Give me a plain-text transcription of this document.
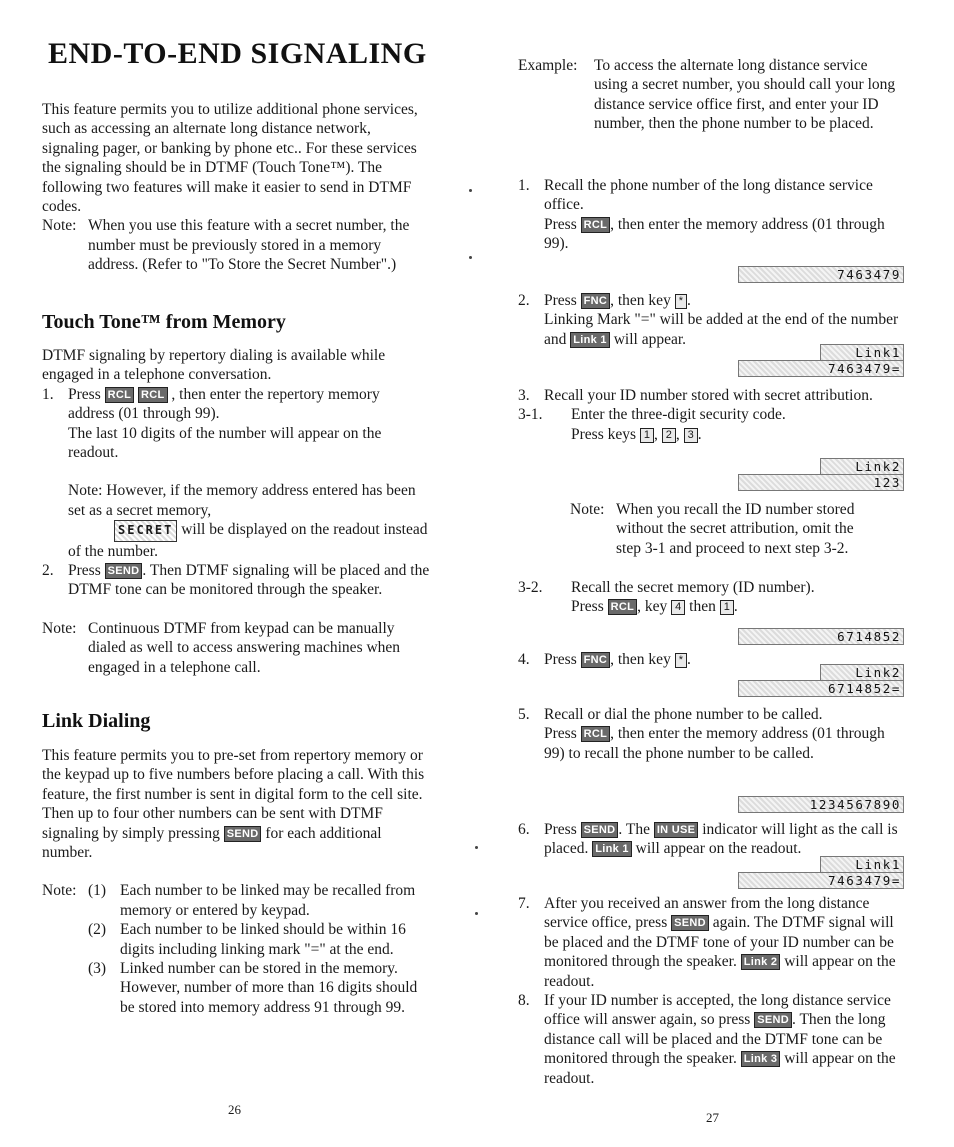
END-TO-END SIGNALING

This feature permits you to utilize additional phone services, such as accessing an alternate long distance network, signaling pager, or banking by phone etc.. For these services the signaling should be in DTMF (Touch Tone™). The following two features will make it easier to send in DTMF codes.

Note: When you use this feature with a secret number, the number must be previously stored in a memory address. (Refer to "To Store the Secret Number".)
Touch Tone™ from Memory

DTMF signaling by repertory dialing is available while engaged in a telephone conversation.

1. Press RCL RCL , then enter the repertory memory address (01 through 99).

The last 10 digits of the number will appear on the readout.

Note: However, if the memory address entered has been set as a secret memory,
SECRET will be displayed on the readout instead of the number.

2. Press SEND . Then DTMF signaling will be placed and the DTMF tone can be monitored through the speaker.
Note: Continuous DTMF from keypad can be manually dialed as well to access answering machines when engaged in a telephone call.
Link Dialing

This feature permits you to pre-set from repertory memory or the keypad up to five numbers before placing a call. With this feature, the first number is sent in digital form to the cell site. Then up to four other numbers can be sent with DTMF signaling by simply pressing SEND for each additional number.

Note: (1) Each number to be linked may be recalled from memory or entered by keypad.
(2) Each number to be linked should be within 16 digits including linking mark "=" at the end.
(3) Linked number can be stored in the memory. However, number of more than 16 digits should be stored into memory address 91 through 99.
26
Example:	To access the alternate long distance service using a secret number, you should call your long distance service office first, and enter your ID number, then the phone number to be placed.
1. Recall the phone number of the long distance service office.

Press RCL , then enter the memory address (01 through 99).

7463479
2. Press FNC , then key * .

Linking Mark "=" will be added at the end of the number and Link 1 will appear.

Link1
7463479=
3. Recall your ID number stored with secret attribution.

3-1.	Enter the three-digit security code.

Press keys 1 , 2 , 3 .

Link2
123
Note: When you recall the ID number stored without the secret attribution, omit the step 3-1 and proceed to next step 3-2.
3-2.	Recall the secret memory (ID number).

Press RCL , key 4 then 1 .

6714852
4. Press FNC , then key * .

Link2
6714852=
5. Recall or dial the phone number to be called.

Press RCL , then enter the memory address (01 through 99) to recall the phone number to be called.

1234567890
6. Press SEND . The IN USE indicator will light as the call is placed. Link 1 will appear on the readout.

Link1
7463479=
7. After you received an answer from the long distance service office, press SEND again. The DTMF signal will be placed and the DTMF tone of your ID number can be monitored through the speaker. Link 2 will appear on the readout.

8. If your ID number is accepted, the long distance service office will answer again, so press SEND . Then the long distance call will be placed and the DTMF tone can be monitored through the speaker. Link 3 will appear on the readout.

27
